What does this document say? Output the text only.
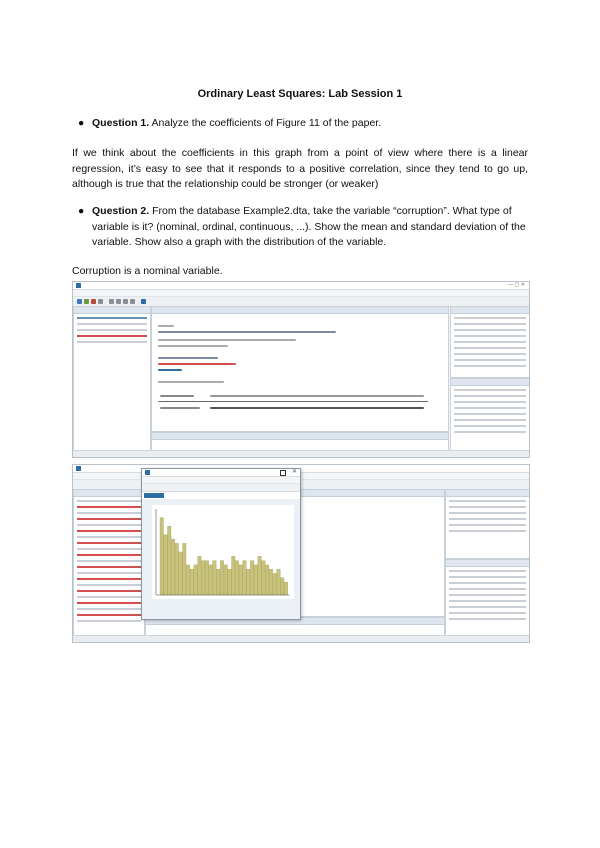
Ordinary Least Squares: Lab Session 1
● Question 1. Analyze the coefficients of Figure 11 of the paper.
If we think about the coefficients in this graph from a point of view where there is a linear regression, it’s easy to see that it responds to a positive correlation, since they tend to go up, although is true that the relationship could be stronger (or weaker)
● Question 2. From the database Example2.dta, take the variable “corruption”. What type of variable is it? (nominal, ordinal, continuous, ...). Show the mean and standard deviation of the variable. Show also a graph with the distribution of the variable.
Corruption is a nominal variable.
— ▢ ✕
✕
